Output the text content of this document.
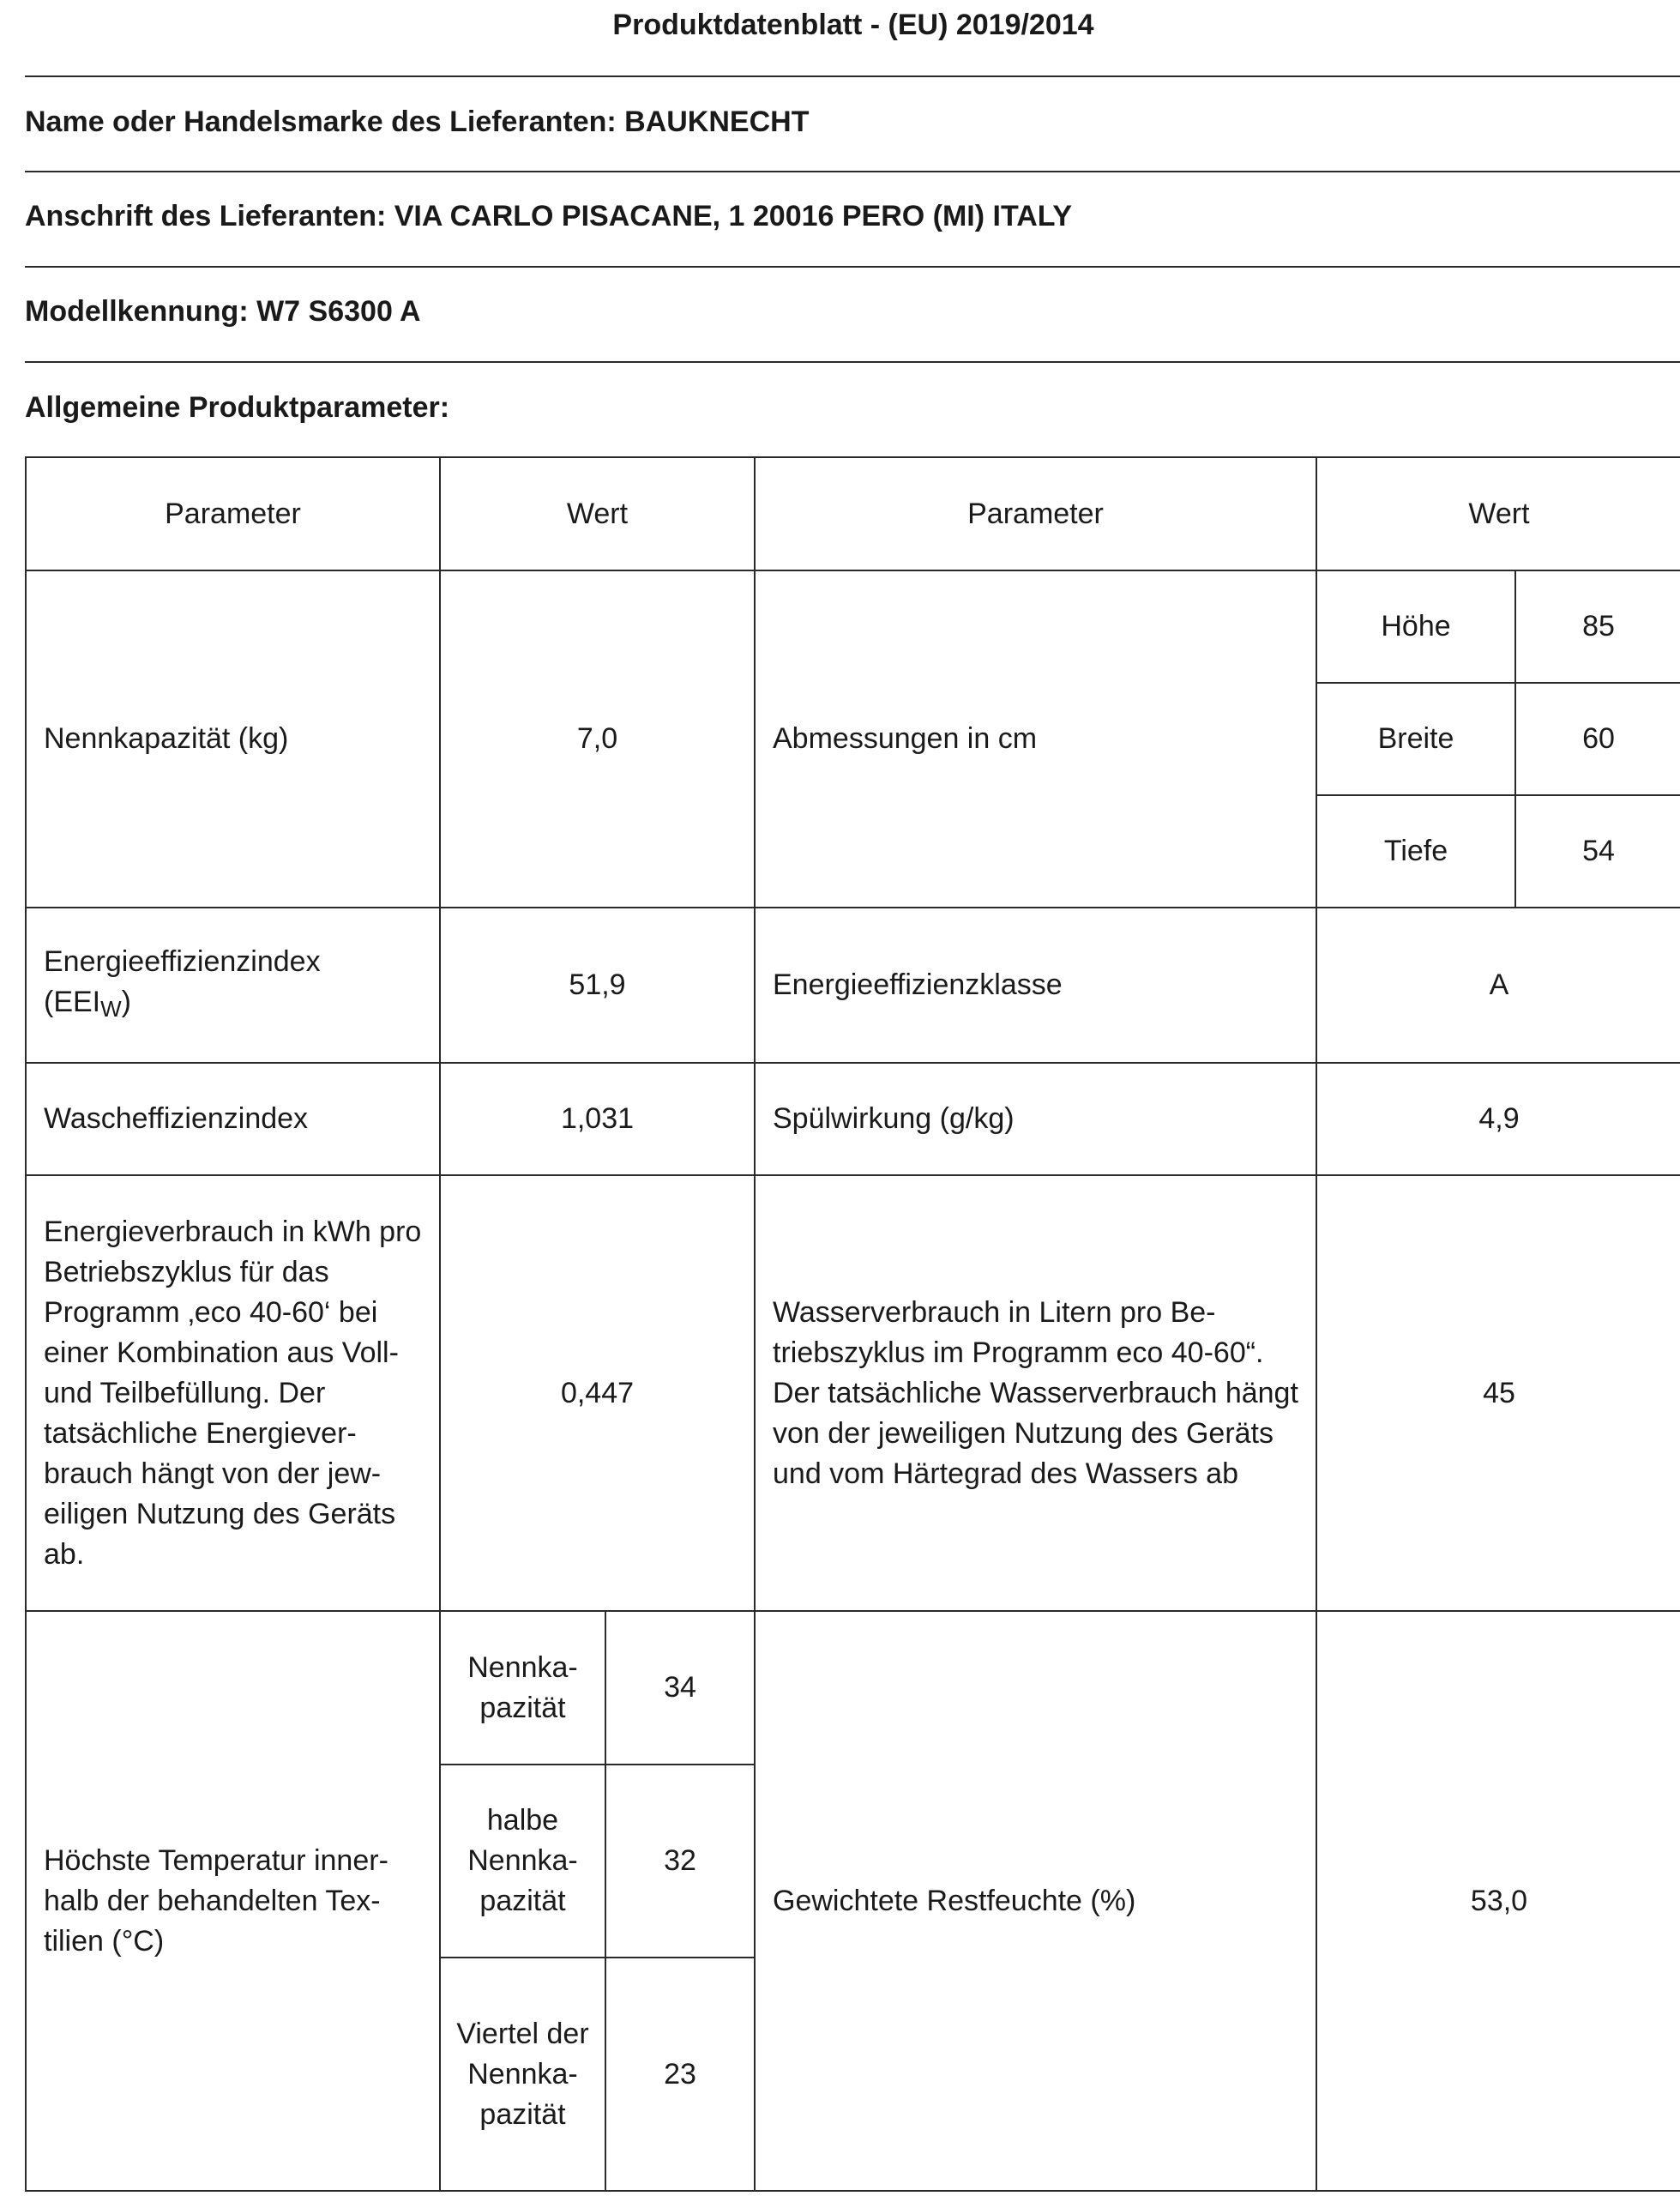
Produktdatenblatt - (EU) 2019/2014
Name oder Handelsmarke des Lieferanten: BAUKNECHT
Anschrift des Lieferanten: VIA CARLO PISACANE, 1 20016 PERO (MI) ITALY
Modellkennung: W7 S6300 A
Allgemeine Produktparameter:
Parameter	Wert		Parameter	Wert	
Nennkapazität (kg)	7,0		Abmessungen in cm	Höhe	85
				Breite	60
				Tiefe	54
Energieeffizienzindex
$(EEI_W)$	51,9		Energieeffizienzklasse	A	
Wascheffizienzindex	1,031		Spülwirkung (g/kg)	4,9	
Energieverbrauch in kWh pro Betriebszyklus für das Programm ‚eco 40-60‘ bei einer Kombination aus Voll- und Teilbefüllung. Der tatsächliche Energiever-brauch hängt von der jew-eiligen Nutzung des Geräts ab.	0,447		Wasserverbrauch in Litern pro Be-triebszyklus im Programm eco 40-60“. Der tatsächliche Wasserverbrauch hängt von der jeweiligen Nutzung des Geräts und vom Härtegrad des Wassers ab	45	
Höchste Temperatur inner-halb der behandelten Tex-tilien (°C)	Nennka-pazität	34	Gewichtete Restfeuchte (%)	53,0	
	halbe Nennka-pazität	32			
	Viertel der Nennka-pazität	23			
